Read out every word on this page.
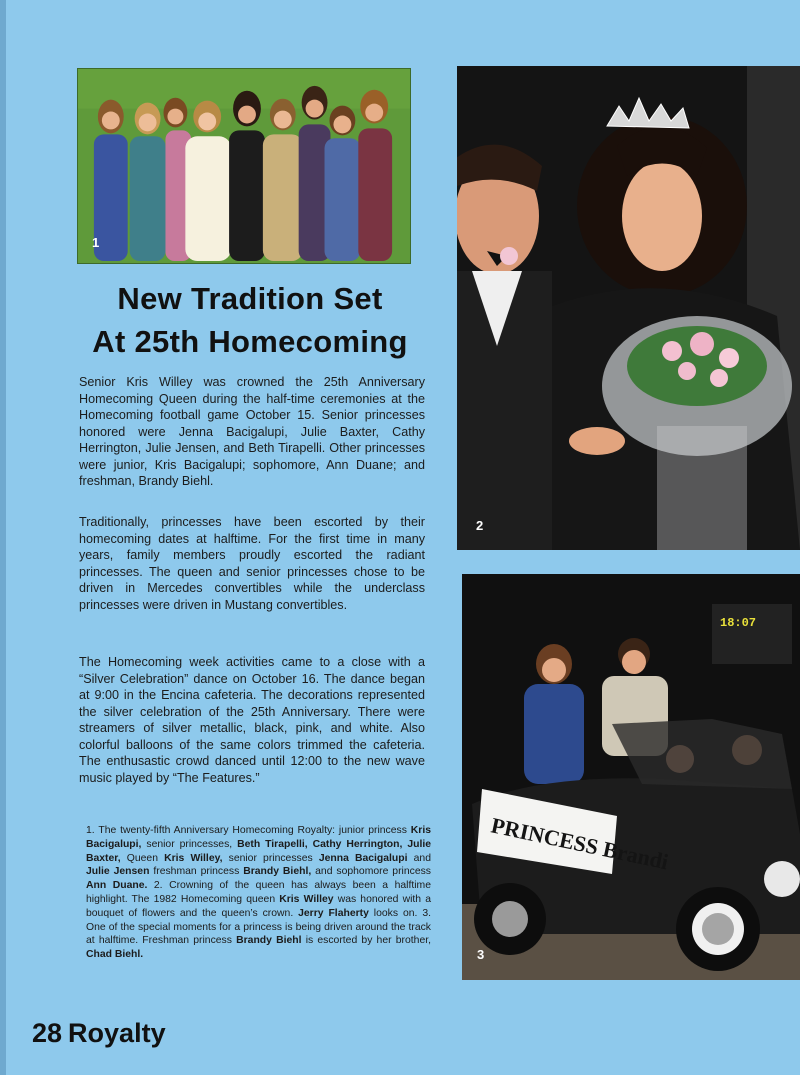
1
2
18:07
PRINCESS Brandi
3
New Tradition Set
At 25th Homecoming

Senior Kris Willey was crowned the 25th Anniversary Homecoming Queen during the half-time ceremonies at the Homecoming football game October 15. Senior princesses honored were Jenna Bacigalupi, Julie Baxter, Cathy Herrington, Julie Jensen, and Beth Tirapelli. Other princesses were junior, Kris Bacigalupi; sophomore, Ann Duane; and freshman, Brandy Biehl.

Traditionally, princesses have been escorted by their homecoming dates at halftime. For the first time in many years, family members proudly escorted the radiant princesses. The queen and senior princesses chose to be driven in Mercedes convertibles while the underclass princesses were driven in Mustang convertibles.

The Homecoming week activities came to a close with a “Silver Celebration” dance on October 16. The dance began at 9:00 in the Encina cafeteria. The decorations represented the silver celebration of the 25th Anniversary. There were streamers of silver metallic, black, pink, and white. Also colorful balloons of the same colors trimmed the cafeteria. The enthusastic crowd danced until 12:00 to the new wave music played by “The Features.”

1. The twenty-fifth Anniversary Homecoming Royalty: junior princess Kris Bacigalupi, senior princesses, Beth Tirapelli, Cathy Herrington, Julie Baxter, Queen Kris Willey, senior princesses Jenna Bacigalupi and Julie Jensen freshman princess Brandy Biehl, and sophomore princess Ann Duane. 2. Crowning of the queen has always been a halftime highlight. The 1982 Homecoming queen Kris Willey was honored with a bouquet of flowers and the queen’s crown. Jerry Flaherty looks on. 3. One of the special moments for a princess is being driven around the track at halftime. Freshman princess Brandy Biehl is escorted by her brother, Chad Biehl.
28 Royalty
